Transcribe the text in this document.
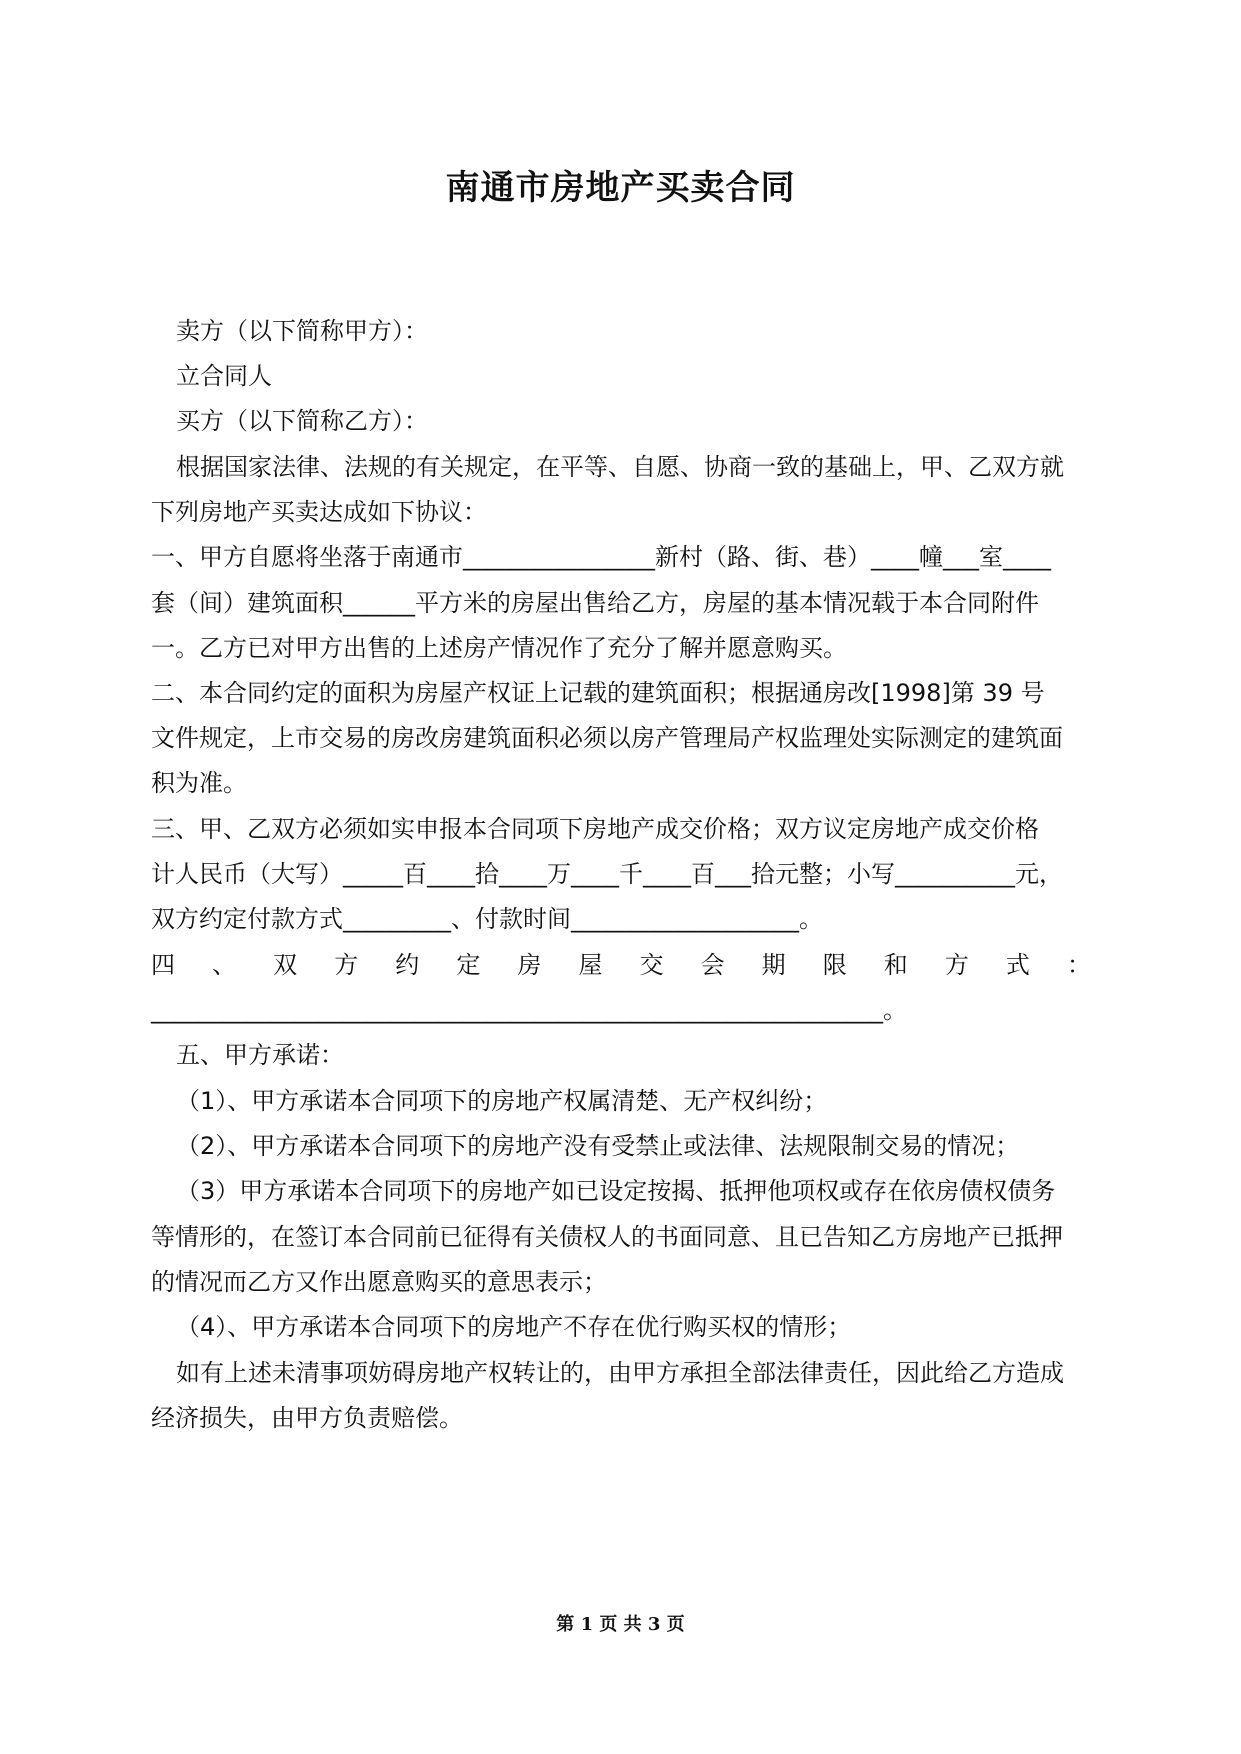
南通市房地产买卖合同

卖方（以下简称甲方）：

立合同人

买方（以下简称乙方）：

根据国家法律、法规的有关规定，在平等、自愿、协商一致的基础上，甲、乙双方就

下列房地产买卖达成如下协议：

一、甲方自愿将坐落于南通市________________新村（路、街、巷）____幢___室____

套（间）建筑面积______平方米的房屋出售给乙方，房屋的基本情况载于本合同附件

一。乙方已对甲方出售的上述房产情况作了充分了解并愿意购买。

二、本合同约定的面积为房屋产权证上记载的建筑面积；根据通房改[1998]第 39 号

文件规定，上市交易的房改房建筑面积必须以房产管理局产权监理处实际测定的建筑面

积为准。

三、甲、乙双方必须如实申报本合同项下房地产成交价格；双方议定房地产成交价格

计人民币（大写）_____百____拾____万____千____百___拾元整；小写__________元，

双方约定付款方式_________、付款时间___________________。

四、双方约定房屋交会期限和方式：

_____________________________________________________________。

五、甲方承诺：

（1）、甲方承诺本合同项下的房地产权属清楚、无产权纠纷；

（2）、甲方承诺本合同项下的房地产没有受禁止或法律、法规限制交易的情况；

（3）甲方承诺本合同项下的房地产如已设定按揭、抵押他项权或存在依房债权债务

等情形的，在签订本合同前已征得有关债权人的书面同意、且已告知乙方房地产已抵押

的情况而乙方又作出愿意购买的意思表示；

（4）、甲方承诺本合同项下的房地产不存在优行购买权的情形；

如有上述未清事项妨碍房地产权转让的，由甲方承担全部法律责任，因此给乙方造成

经济损失，由甲方负责赔偿。

第 1 页 共 3 页
